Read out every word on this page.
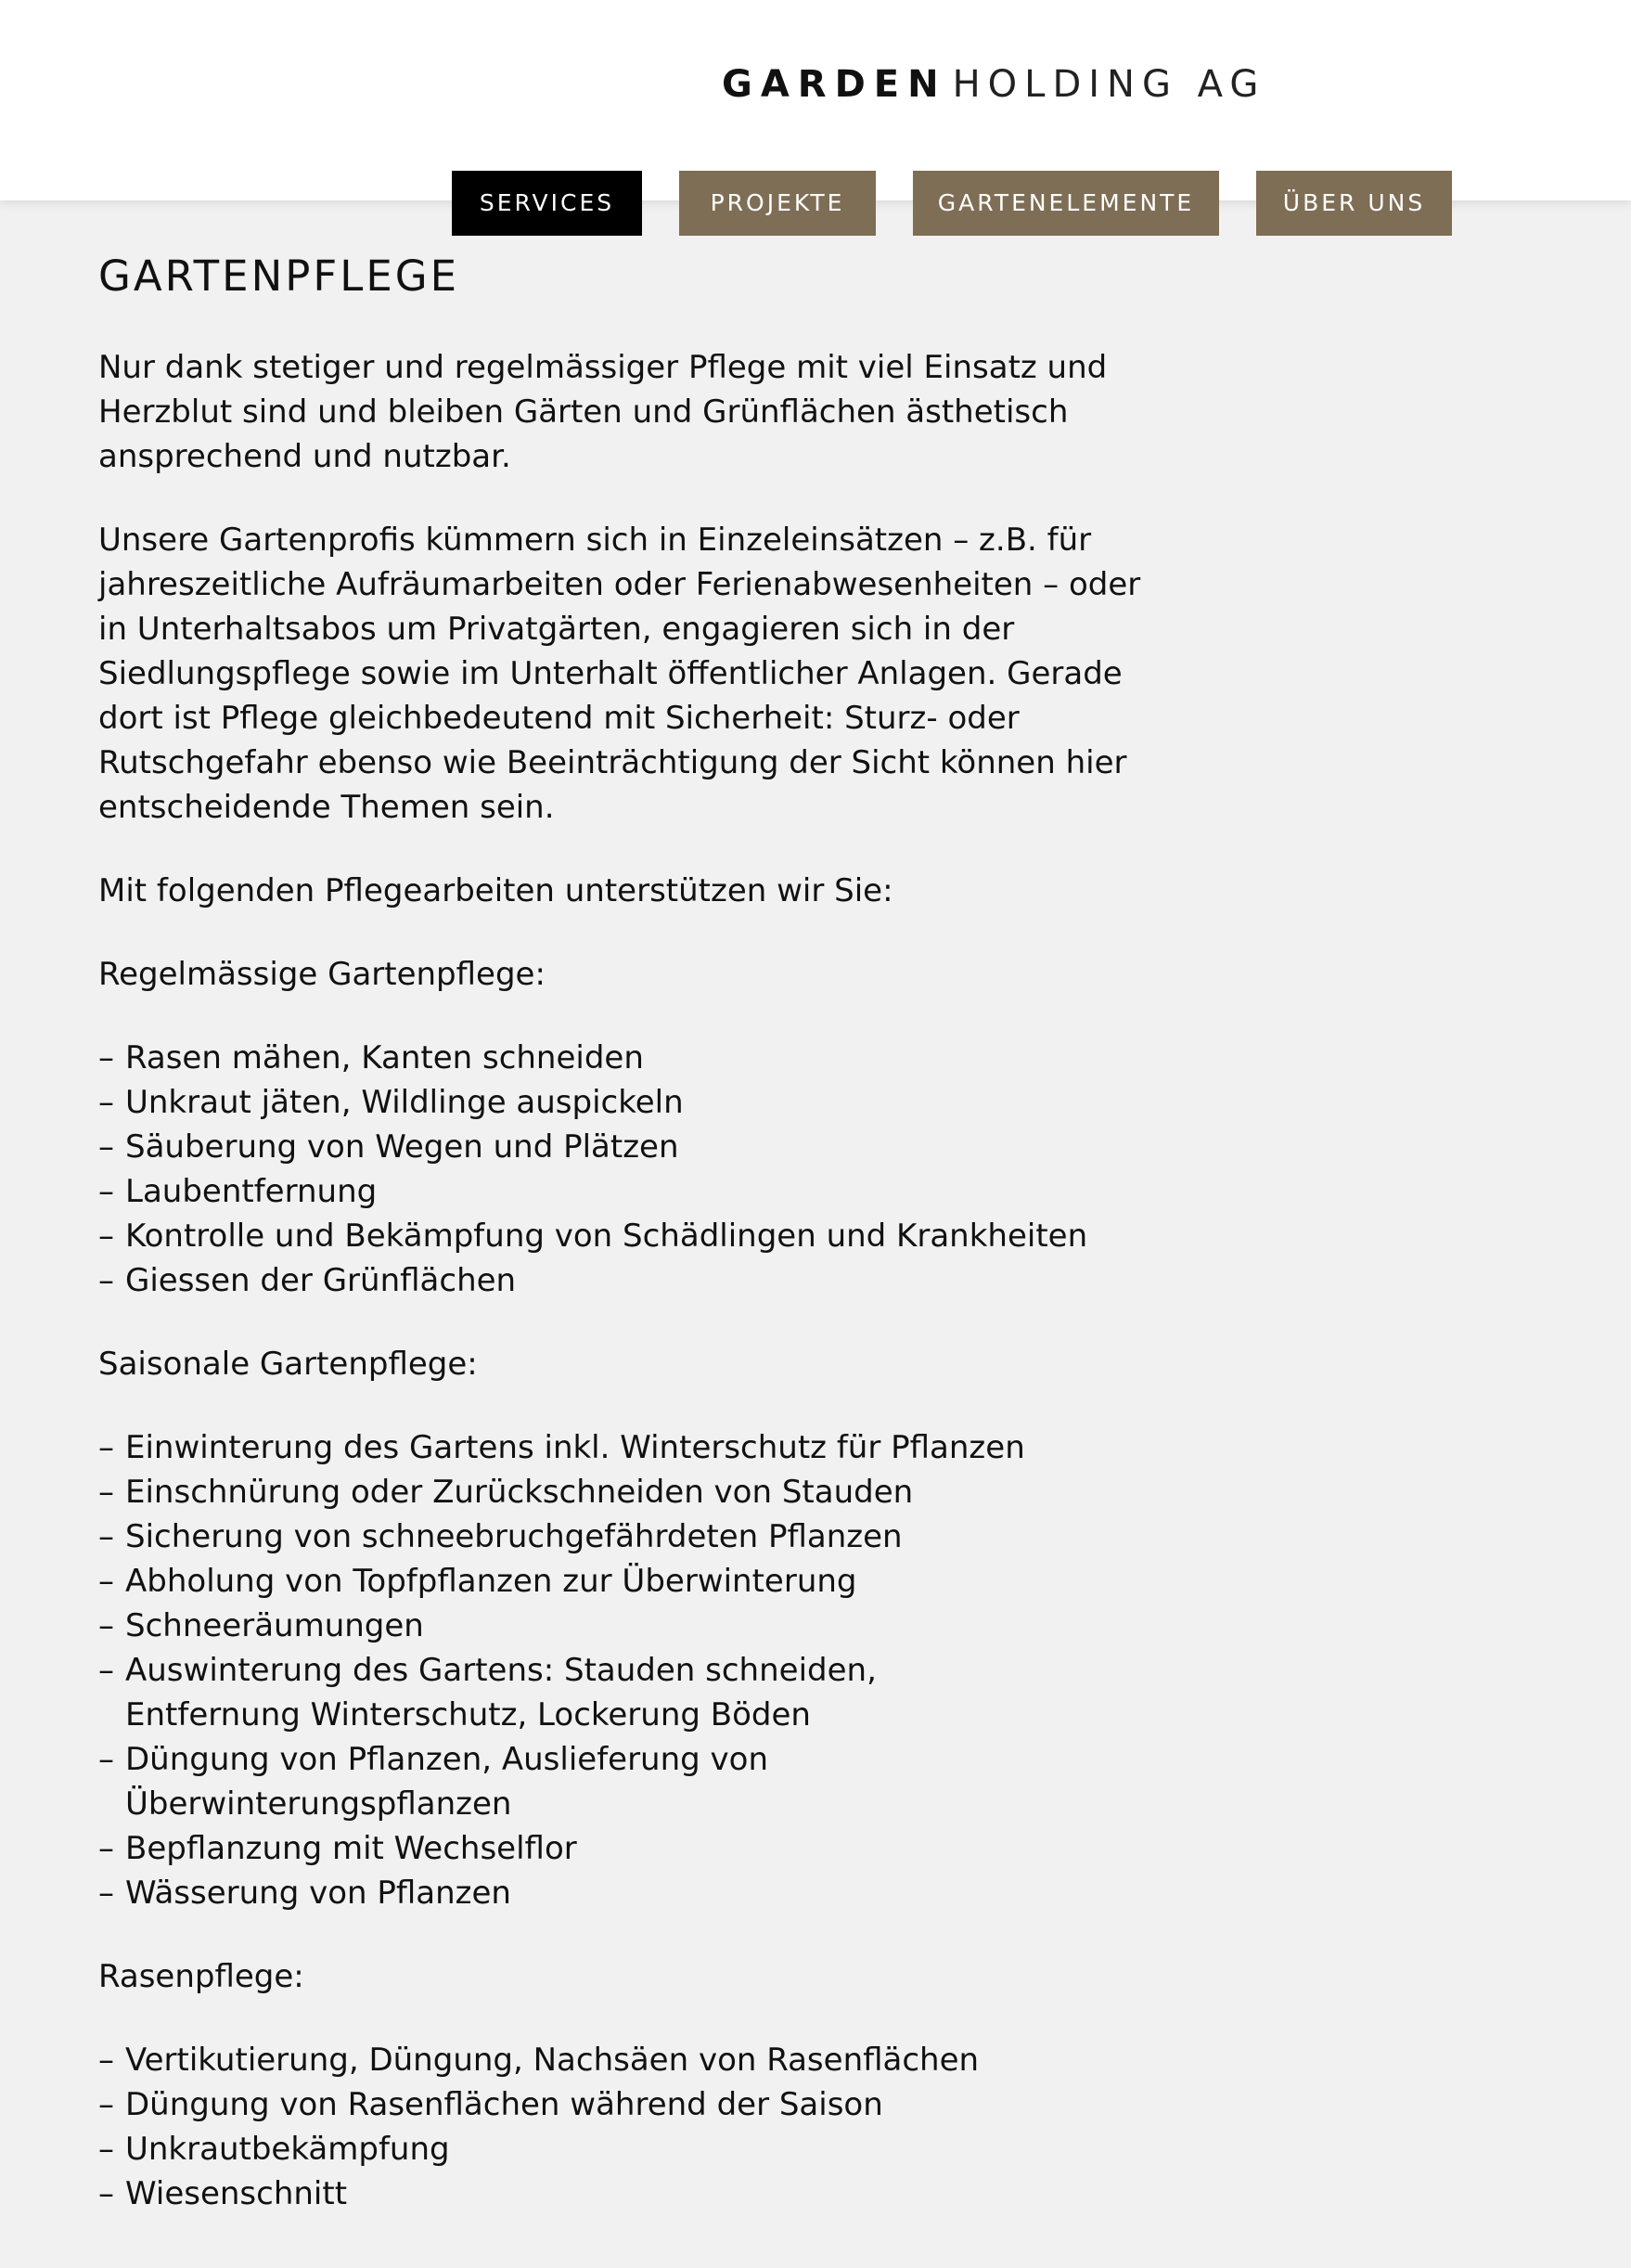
GARDEN HOLDING AG
SERVICES	PROJEKTE	GARTENELEMENTE	ÜBER UNS
GARTENPFLEGE

Nur dank stetiger und regelmässiger Pflege mit viel Einsatz und Herzblut sind und bleiben Gärten und Grünflächen ästhetisch ansprechend und nutzbar.

Unsere Gartenprofis kümmern sich in Einzeleinsätzen – z.B. für jahreszeitliche Aufräumarbeiten oder Ferienabwesenheiten – oder in Unterhaltsabos um Privatgärten, engagieren sich in der Siedlungspflege sowie im Unterhalt öffentlicher Anlagen. Gerade dort ist Pflege gleichbedeutend mit Sicherheit: Sturz- oder Rutschgefahr ebenso wie Beeinträchtigung der Sicht können hier entscheidende Themen sein.

Mit folgenden Pflegearbeiten unterstützen wir Sie:

Regelmässige Gartenpflege:

– Rasen mähen, Kanten schneiden
– Unkraut jäten, Wildlinge auspickeln
– Säuberung von Wegen und Plätzen
– Laubentfernung
– Kontrolle und Bekämpfung von Schädlingen und Krankheiten
– Giessen der Grünflächen

Saisonale Gartenpflege:

– Einwinterung des Gartens inkl. Winterschutz für Pflanzen
– Einschnürung oder Zurückschneiden von Stauden
– Sicherung von schneebruchgefährdeten Pflanzen
– Abholung von Topfpflanzen zur Überwinterung
– Schneeräumungen
– Auswinterung des Gartens: Stauden schneiden, Entfernung Winterschutz, Lockerung Böden
– Düngung von Pflanzen, Auslieferung von Überwinterungspflanzen
– Bepflanzung mit Wechselflor
– Wässerung von Pflanzen

Rasenpflege:

– Vertikutierung, Düngung, Nachsäen von Rasenflächen
– Düngung von Rasenflächen während der Saison
– Unkrautbekämpfung
– Wiesenschnitt
